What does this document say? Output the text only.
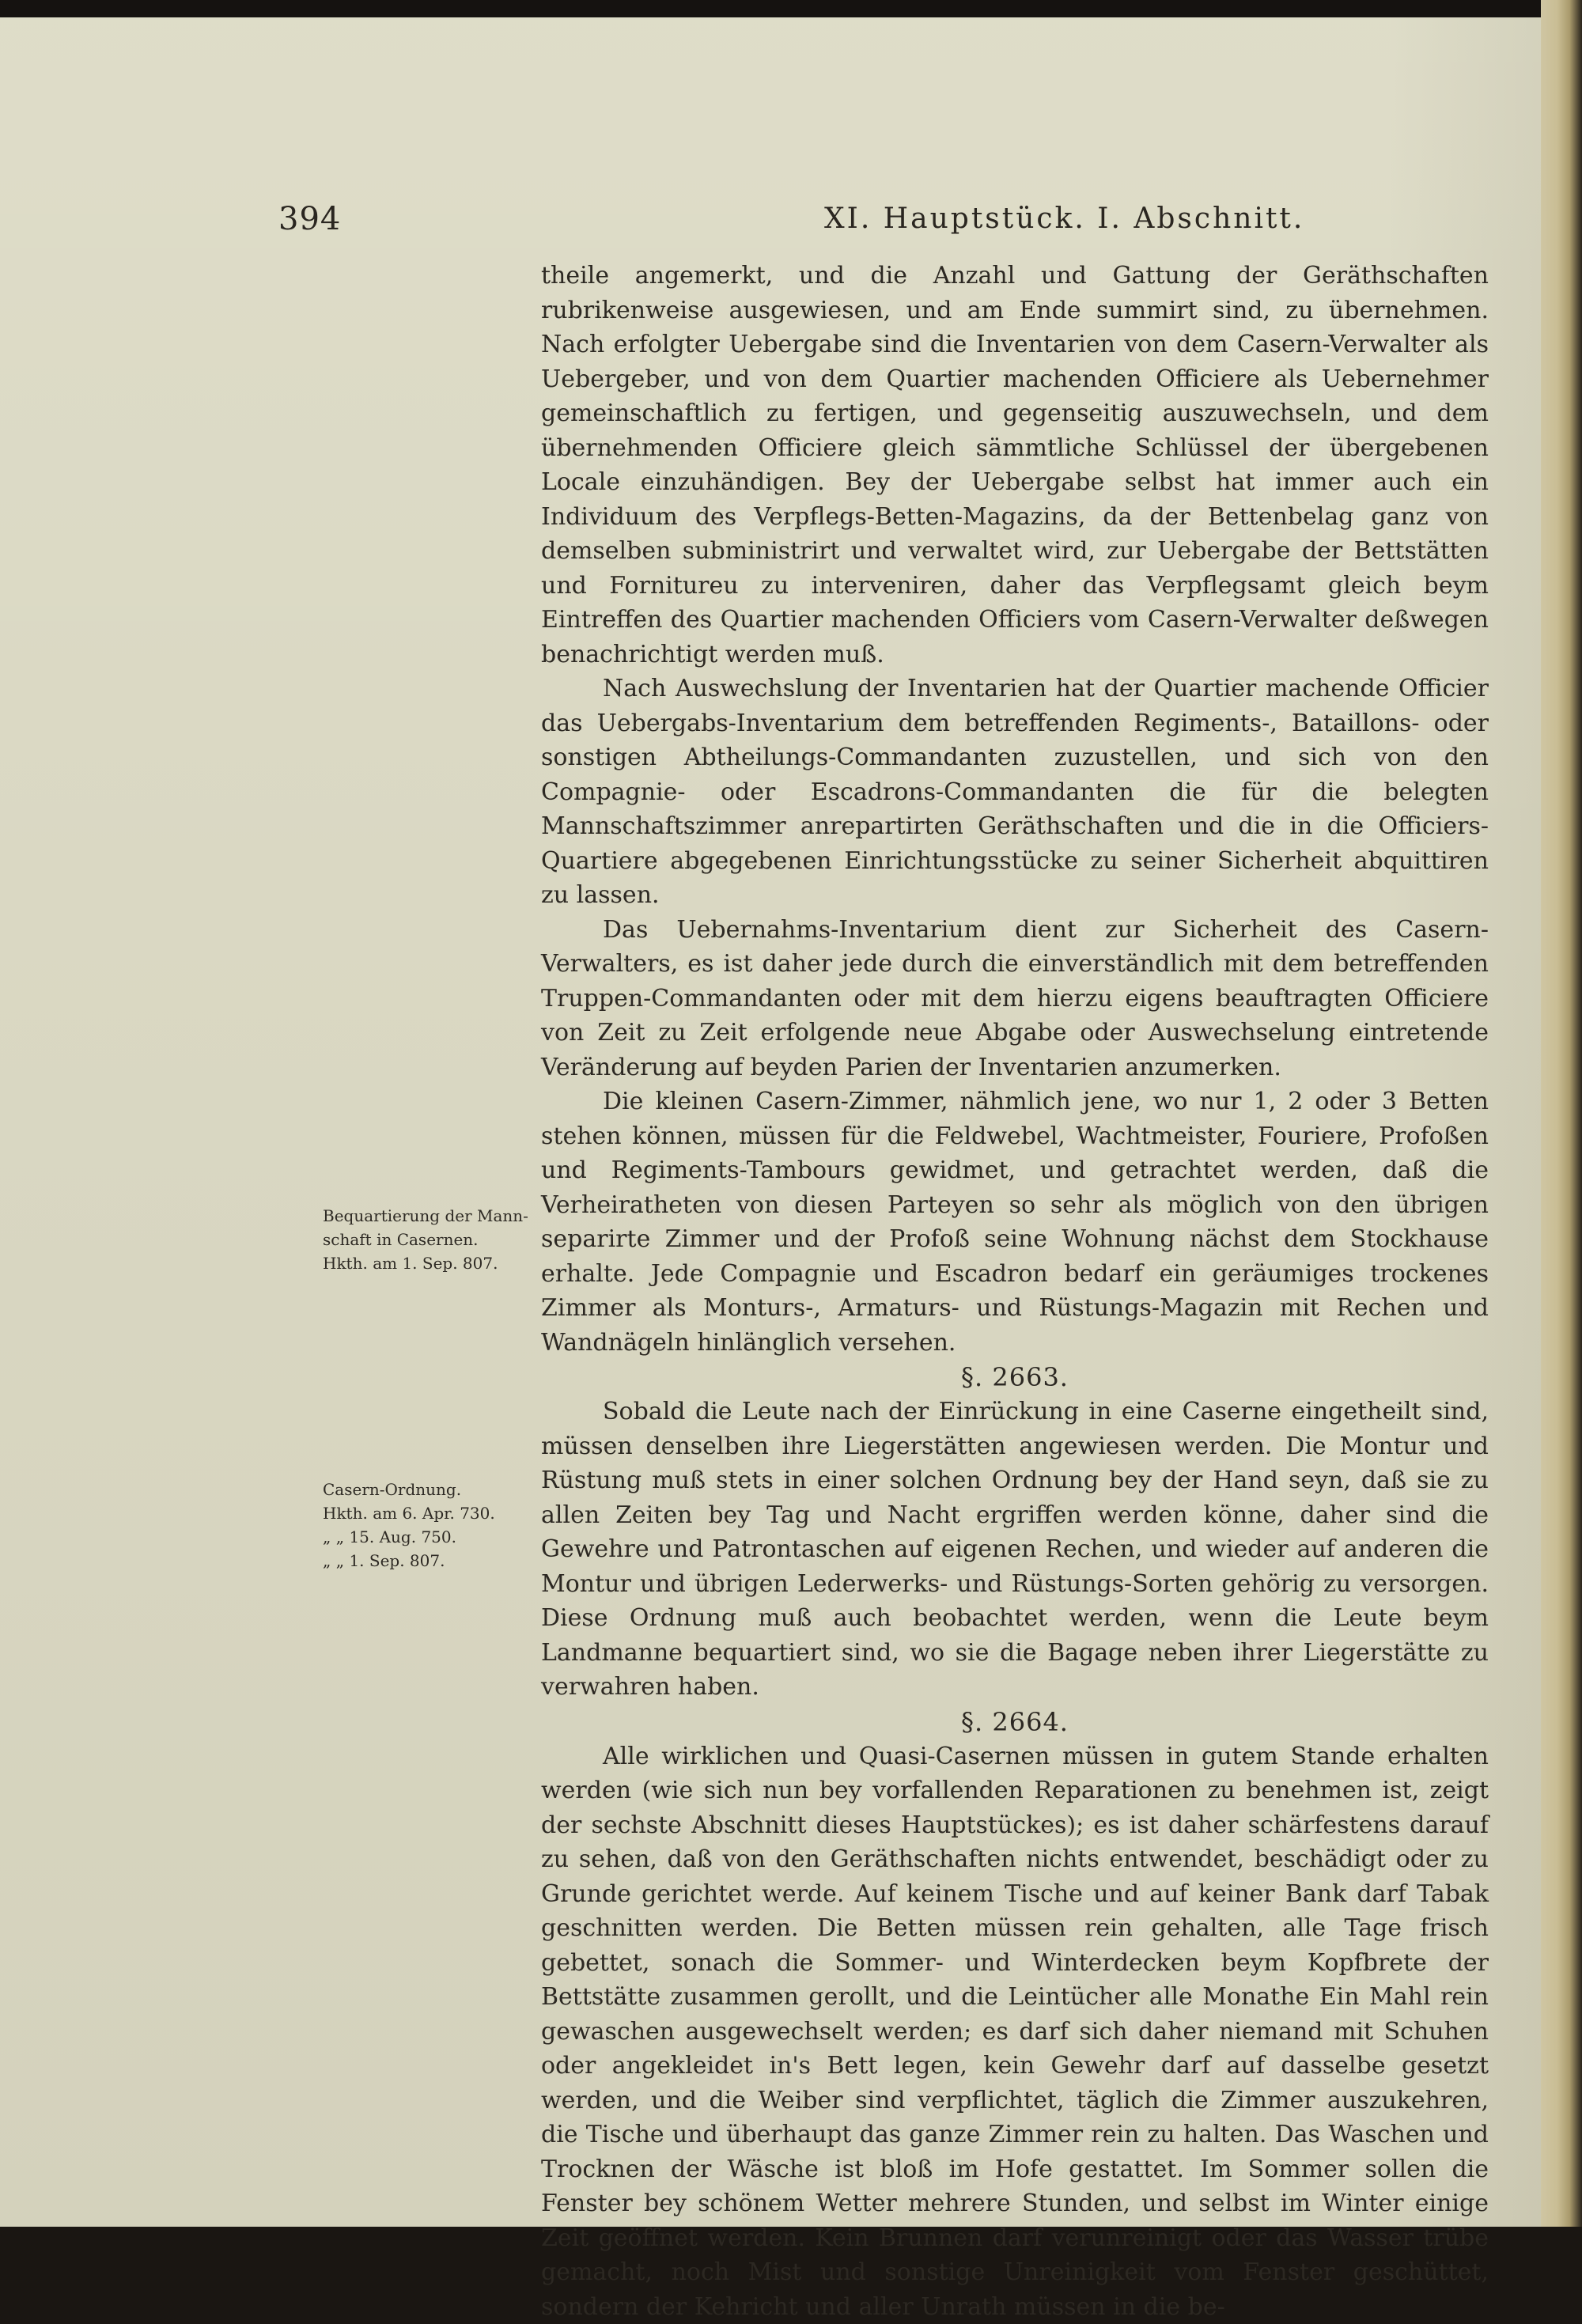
394	XI. Hauptstück. I. Abschnitt.

theile angemerkt, und die Anzahl und Gattung der Geräthschaften rubrikenweise ausgewiesen, und am Ende summirt sind, zu übernehmen. Nach erfolgter Uebergabe sind die Inventarien von dem Casern-Verwalter als Uebergeber, und von dem Quartier machenden Officiere als Uebernehmer gemeinschaftlich zu fertigen, und gegenseitig auszuwechseln, und dem übernehmenden Officiere gleich sämmtliche Schlüssel der übergebenen Locale einzuhändigen. Bey der Uebergabe selbst hat immer auch ein Individuum des Verpflegs-Betten-Magazins, da der Bettenbelag ganz von demselben subministrirt und verwaltet wird, zur Uebergabe der Bettstätten und Fornitureu zu interveniren, daher das Verpflegsamt gleich beym Eintreffen des Quartier machenden Officiers vom Casern-Verwalter deßwegen benachrichtigt werden muß.

Nach Auswechslung der Inventarien hat der Quartier machende Officier das Uebergabs-Inventarium dem betreffenden Regiments-, Bataillons- oder sonstigen Abtheilungs-Commandanten zuzustellen, und sich von den Compagnie- oder Escadrons-Commandanten die für die belegten Mannschaftszimmer anrepartirten Geräthschaften und die in die Officiers-Quartiere abgegebenen Einrichtungsstücke zu seiner Sicherheit abquittiren zu lassen.

Das Uebernahms-Inventarium dient zur Sicherheit des Casern-Verwalters, es ist daher jede durch die einverständlich mit dem betreffenden Truppen-Commandanten oder mit dem hierzu eigens beauftragten Officiere von Zeit zu Zeit erfolgende neue Abgabe oder Auswechselung eintretende Veränderung auf beyden Parien der Inventarien anzumerken.

Die kleinen Casern-Zimmer, nähmlich jene, wo nur 1, 2 oder 3 Betten stehen können, müssen für die Feldwebel, Wachtmeister, Fouriere, Profoßen und Regiments-Tambours gewidmet, und getrachtet werden, daß die Verheiratheten von diesen Parteyen so sehr als möglich von den übrigen separirte Zimmer und der Profoß seine Wohnung nächst dem Stockhause erhalte. Jede Compagnie und Escadron bedarf ein geräumiges trockenes Zimmer als Monturs-, Armaturs- und Rüstungs-Magazin mit Rechen und Wandnägeln hinlänglich versehen.

§. 2663.

Sobald die Leute nach der Einrückung in eine Caserne eingetheilt sind, müssen denselben ihre Liegerstätten angewiesen werden. Die Montur und Rüstung muß stets in einer solchen Ordnung bey der Hand seyn, daß sie zu allen Zeiten bey Tag und Nacht ergriffen werden könne, daher sind die Gewehre und Patrontaschen auf eigenen Rechen, und wieder auf anderen die Montur und übrigen Lederwerks- und Rüstungs-Sorten gehörig zu versorgen. Diese Ordnung muß auch beobachtet werden, wenn die Leute beym Landmanne bequartiert sind, wo sie die Bagage neben ihrer Liegerstätte zu verwahren haben.

§. 2664.

Alle wirklichen und Quasi-Casernen müssen in gutem Stande erhalten werden (wie sich nun bey vorfallenden Reparationen zu benehmen ist, zeigt der sechste Abschnitt dieses Hauptstückes); es ist daher schärfestens darauf zu sehen, daß von den Geräthschaften nichts entwendet, beschädigt oder zu Grunde gerichtet werde. Auf keinem Tische und auf keiner Bank darf Tabak geschnitten werden. Die Betten müssen rein gehalten, alle Tage frisch gebettet, sonach die Sommer- und Winterdecken beym Kopfbrete der Bettstätte zusammen gerollt, und die Leintücher alle Monathe Ein Mahl rein gewaschen ausgewechselt werden; es darf sich daher niemand mit Schuhen oder angekleidet in's Bett legen, kein Gewehr darf auf dasselbe gesetzt werden, und die Weiber sind verpflichtet, täglich die Zimmer auszukehren, die Tische und überhaupt das ganze Zimmer rein zu halten. Das Waschen und Trocknen der Wäsche ist bloß im Hofe gestattet. Im Sommer sollen die Fenster bey schönem Wetter mehrere Stunden, und selbst im Winter einige Zeit geöffnet werden. Kein Brunnen darf verunreinigt oder das Wasser trübe gemacht, noch Mist und sonstige Unreinigkeit vom Fenster geschüttet, sondern der Kehricht und aller Unrath müssen in die be-

Bequartierung der Mann-
schaft in Casernen.
Hkth. am 1. Sep. 807.
Casern-Ordnung.
Hkth. am 6. Apr. 730.
„ „ 15. Aug. 750.
„ „ 1. Sep. 807.
